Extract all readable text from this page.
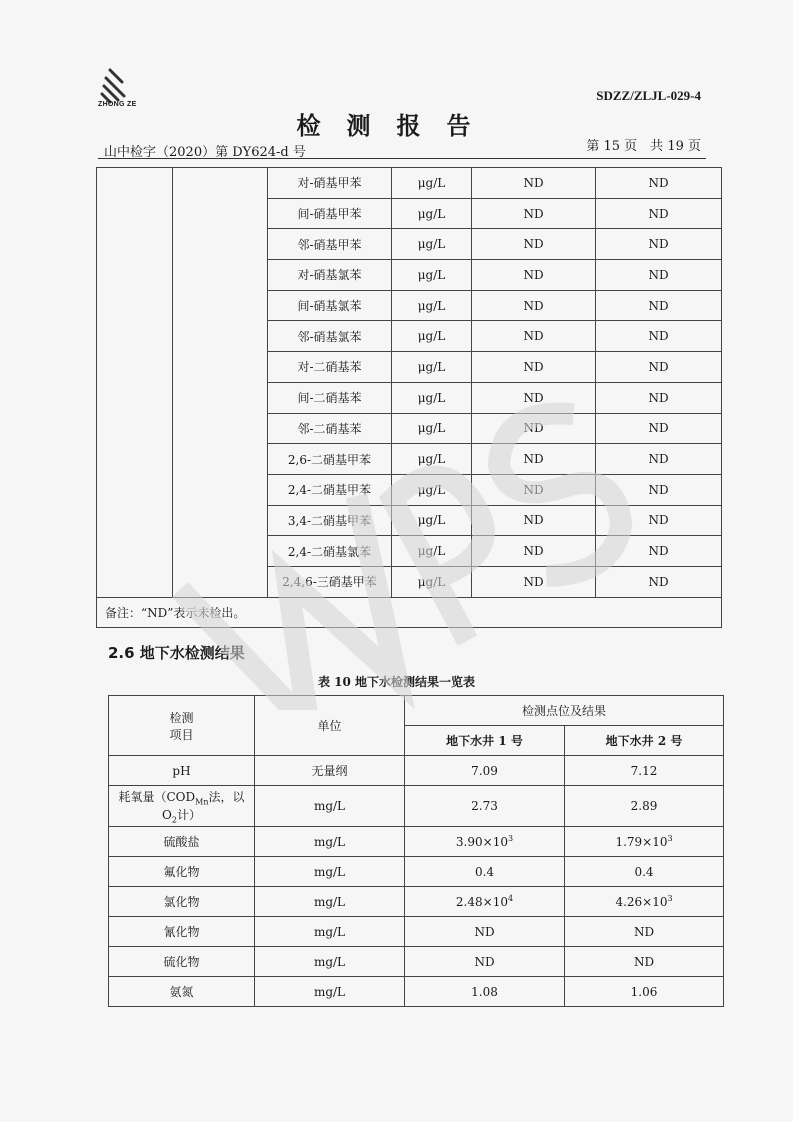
ZHONG ZE
SDZZ/ZLJL-029-4
检测报告
山中检字（2020）第 DY624-d 号	第 15 页　共 19 页
		对-硝基甲苯	μg/L	ND	ND
		间-硝基甲苯	μg/L	ND	ND
		邻-硝基甲苯	μg/L	ND	ND
		对-硝基氯苯	μg/L	ND	ND
		间-硝基氯苯	μg/L	ND	ND
		邻-硝基氯苯	μg/L	ND	ND
		对-二硝基苯	μg/L	ND	ND
		间-二硝基苯	μg/L	ND	ND
		邻-二硝基苯	μg/L	ND	ND
		2,6-二硝基甲苯	μg/L	ND	ND
		2,4-二硝基甲苯	μg/L	ND	ND
		3,4-二硝基甲苯	μg/L	ND	ND
		2,4-二硝基氯苯	μg/L	ND	ND
		2,4,6-三硝基甲苯	μg/L	ND	ND
备注：“ND”表示未检出。					
2.6 地下水检测结果
表 10 地下水检测结果一览表
检测
项目	单位	检测点位及结果	
		地下水井 1 号	地下水井 2 号
pH	无量纲	7.09	7.12

耗氧量（$COD_{Mn}$法，以
$O_2$计）	mg/L	2.73	2.89
硫酸盐	mg/L	$3.90\times 10^3$	$1.79\times 10^3$
氟化物	mg/L	0.4	0.4
氯化物	mg/L	$2.48\times 10^4$	$4.26\times 10^3$
氰化物	mg/L	ND	ND
硫化物	mg/L	ND	ND
氨氮	mg/L	1.08	1.06
